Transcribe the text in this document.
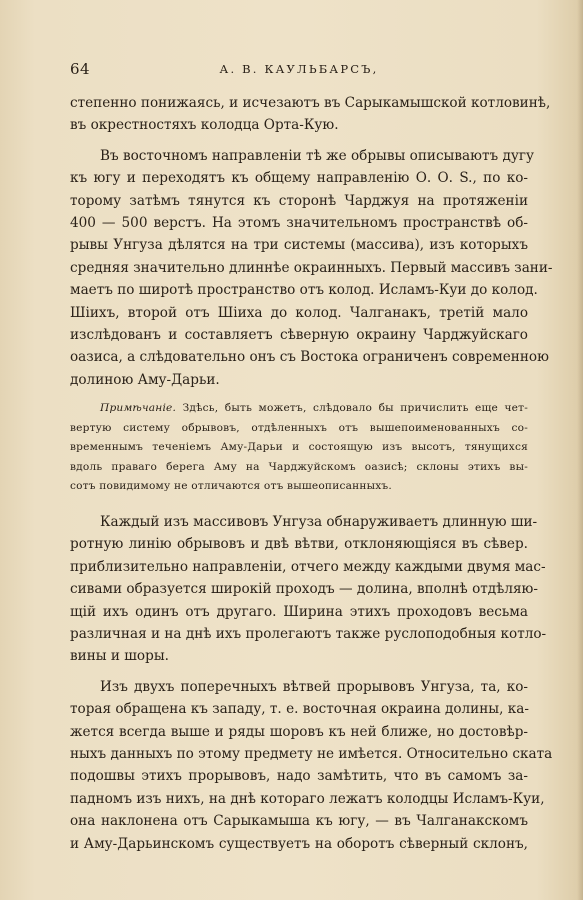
64	А. В. КАУЛЬБАРСЪ,
степенно понижаясь, и исчезаютъ въ Сарыкамышской котловинѣ,
въ окрестностяхъ колодца Орта-Кую.
Въ восточномъ направленіи тѣ же обрывы описываютъ дугу
къ югу и переходятъ къ общему направленію О. О. S., по ко-
торому затѣмъ тянутся къ сторонѣ Чарджуя на протяженіи
400 — 500 верстъ. На этомъ значительномъ пространствѣ об-
рывы Унгуза дѣлятся на три системы (массива), изъ которыхъ
средняя значительно длиннѣе окраинныхъ. Первый массивъ зани-
маетъ по широтѣ пространство отъ колод. Исламъ-Куи до колод.
Шіихъ, второй отъ Шіиха до колод. Чалганакъ, третій мало
изслѣдованъ и составляетъ сѣверную окраину Чарджуйскаго
оазиса, а слѣдовательно онъ съ Востока ограниченъ современною
долиною Аму-Дарьи.
Примѣчаніе. Здѣсь, быть можетъ, слѣдовало бы причислить еще чет-
вертую систему обрывовъ, отдѣленныхъ отъ вышепоименованныхъ со-
временнымъ теченіемъ Аму-Дарьи и состоящую изъ высотъ, тянущихся
вдоль праваго берега Аму на Чарджуйскомъ оазисѣ; склоны этихъ вы-
сотъ повидимому не отличаются отъ вышеописанныхъ.
Каждый изъ массивовъ Унгуза обнаруживаетъ длинную ши-
ротную линію обрывовъ и двѣ вѣтви, отклоняющіяся въ сѣвер.
приблизительно направленіи, отчего между каждыми двумя мас-
сивами образуется широкій проходъ — долина, вполнѣ отдѣляю-
щій ихъ одинъ отъ другаго. Ширина этихъ проходовъ весьма
различная и на днѣ ихъ пролегаютъ также руслоподобныя котло-
вины и шоры.
Изъ двухъ поперечныхъ вѣтвей прорывовъ Унгуза, та, ко-
торая обращена къ западу, т. е. восточная окраина долины, ка-
жется всегда выше и ряды шоровъ къ ней ближе, но достовѣр-
ныхъ данныхъ по этому предмету не имѣется. Относительно ската
подошвы этихъ прорывовъ, надо замѣтить, что въ самомъ за-
падномъ изъ нихъ, на днѣ котораго лежатъ колодцы Исламъ-Куи,
она наклонена отъ Сарыкамыша къ югу, — въ Чалганакскомъ
и Аму-Дарьинскомъ существуетъ на оборотъ сѣверный склонъ,
